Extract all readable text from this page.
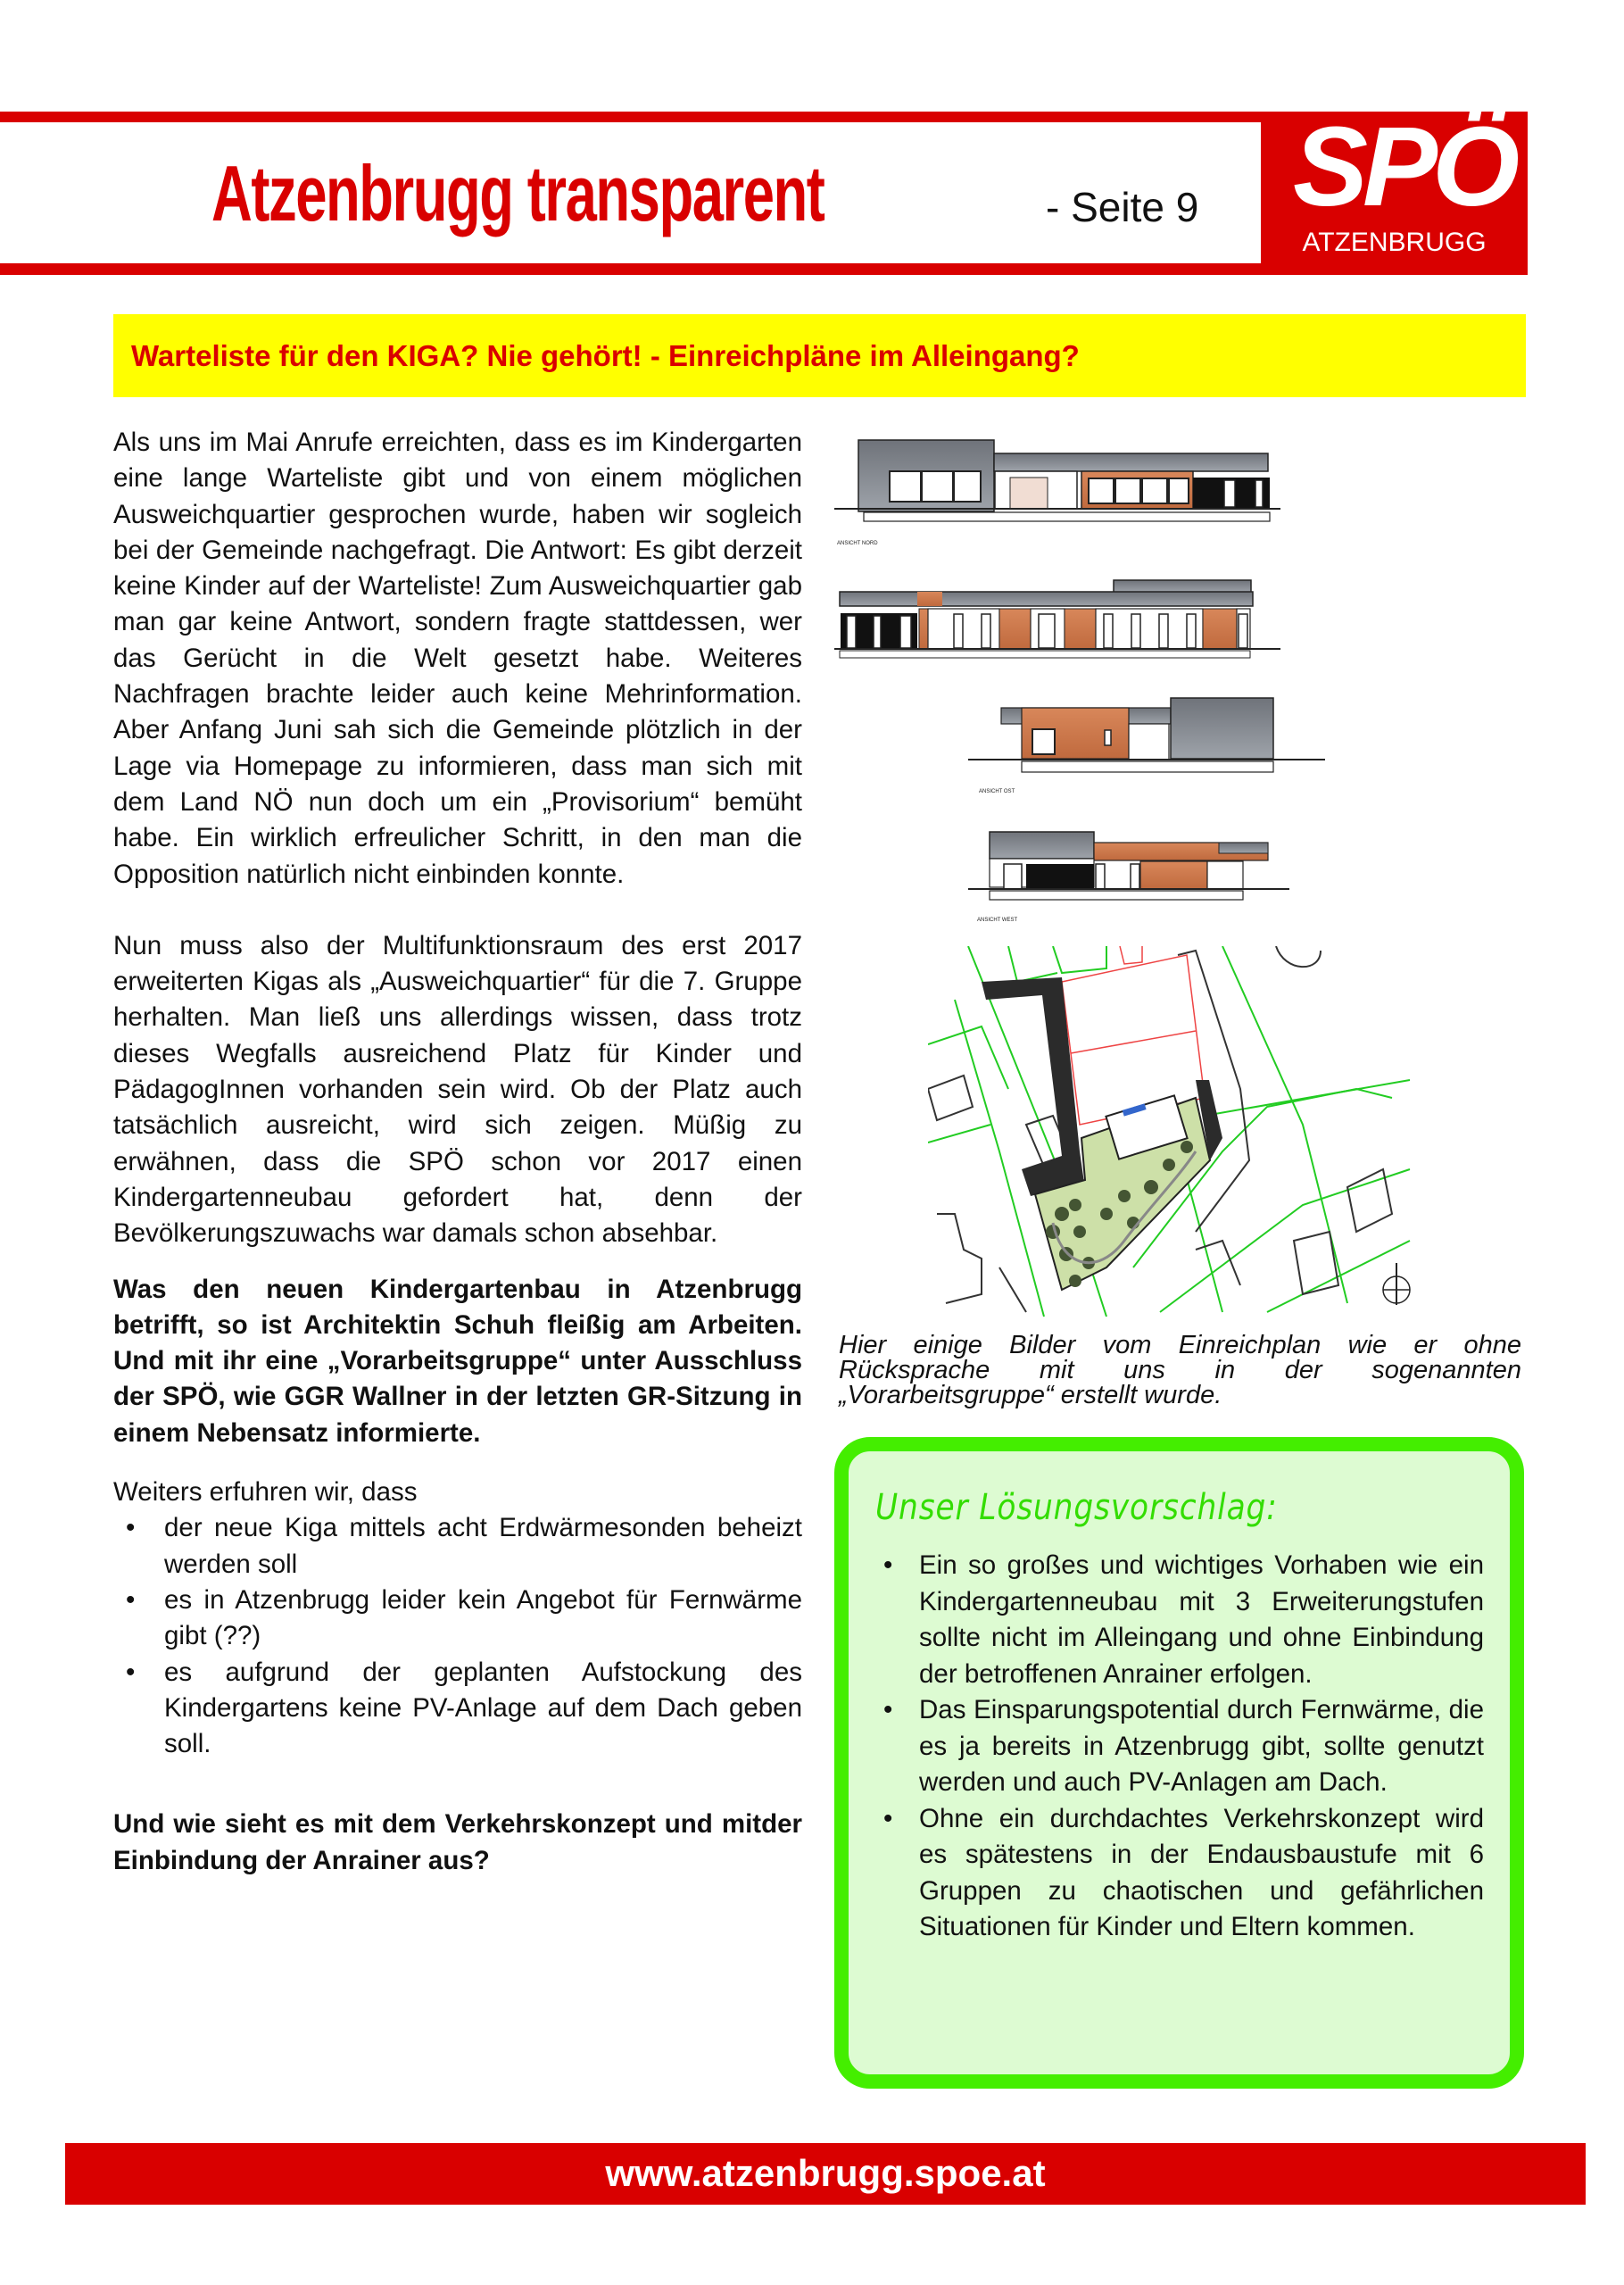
Atzenbrugg transparent	- Seite 9 SPÖ
ATZENBRUGG
Warteliste für den KIGA? Nie gehört! - Einreichpläne im Alleingang?

Als uns im Mai Anrufe erreichten, dass es im Kindergarten eine lange Warteliste gibt und von einem möglichen Ausweichquartier gesprochen wurde, haben wir sogleich bei der Gemeinde nachgefragt. Die Antwort: Es gibt derzeit keine Kinder auf der Warteliste! Zum Ausweichquartier gab man gar keine Antwort, sondern fragte stattdessen, wer das Gerücht in die Welt gesetzt habe. Weiteres Nachfragen brachte leider auch keine Mehrinformation. Aber Anfang Juni sah sich die Gemeinde plötzlich in der Lage via Homepage zu informieren, dass man sich mit dem Land NÖ nun doch um ein „Provisorium“ bemüht habe. Ein wirklich erfreulicher Schritt, in den man die Opposition natürlich nicht einbinden konnte.

Nun muss also der Multifunktionsraum des erst 2017 erweiterten Kigas als „Ausweichquartier“ für die 7. Gruppe herhalten. Man ließ uns allerdings wissen, dass trotz dieses Wegfalls ausreichend Platz für Kinder und PädagogInnen vorhanden sein wird. Ob der Platz auch tatsächlich ausreicht, wird sich zeigen. Müßig zu erwähnen, dass die SPÖ schon vor 2017 einen Kindergartenneubau gefordert hat, denn der Bevölkerungszuwachs war damals schon absehbar.

Was den neuen Kindergartenbau in Atzenbrugg betrifft, so ist Architektin Schuh fleißig am Arbeiten. Und mit ihr eine „Vorarbeitsgruppe“ unter Ausschluss der SPÖ, wie GGR Wallner in der letzten GR-Sitzung in einem Nebensatz informierte.

Weiters erfuhren wir, dass

• der neue Kiga mittels acht Erdwärmesonden beheizt werden soll
• es in Atzenbrugg leider kein Angebot für Fernwärme gibt (??)
• es aufgrund der geplanten Aufstockung des Kindergartens keine PV-Anlage auf dem Dach geben soll.

Und wie sieht es mit dem Verkehrskonzept und mitder Einbindung der Anrainer aus?

ANSICHT NORD
ANSICHT OST
ANSICHT WEST
Hier einige Bilder vom Einreichplan wie er ohne Rücksprache mit uns in der sogenannten „Vorarbeitsgruppe“ erstellt wurde.
Unser Lösungsvorschlag:
• Ein so großes und wichtiges Vorhaben wie ein Kindergartenneubau mit 3 Erweiterungstufen sollte nicht im Alleingang und ohne Einbindung der betroffenen Anrainer erfolgen.
• Das Einsparungspotential durch Fernwärme, die es ja bereits in Atzenbrugg gibt, sollte genutzt werden und auch PV-Anlagen am Dach.
• Ohne ein durchdachtes Verkehrskonzept wird es spätestens in der Endausbaustufe mit 6 Gruppen zu chaotischen und gefährlichen Situationen für Kinder und Eltern kommen.
www.atzenbrugg.spoe.at
